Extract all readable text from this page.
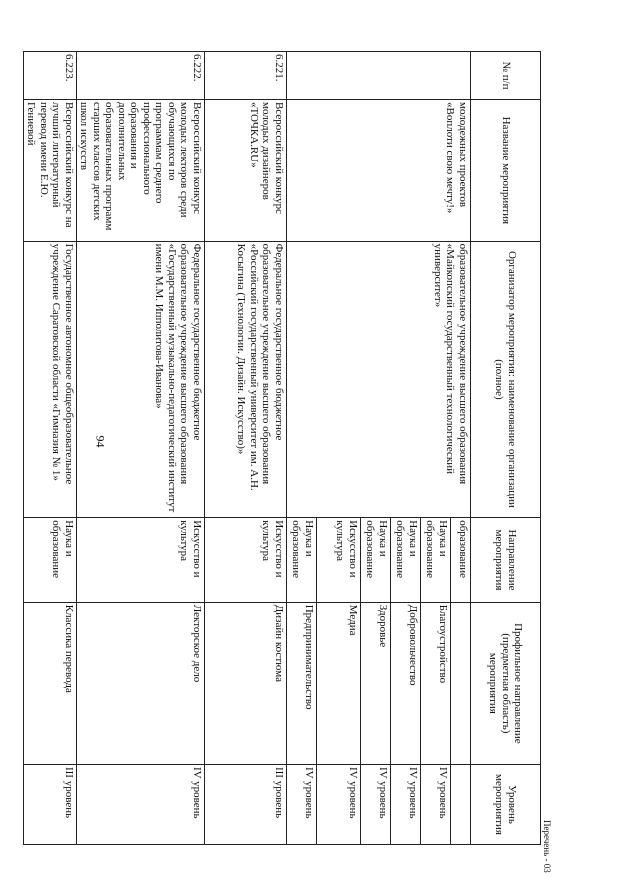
94
№ п/п	Название мероприятия	Организатор мероприятия: наименование организации (полное)	Направление мероприятия	Профильное направление (предметная область) мероприятия	Уровень мероприятия
	молодежных проектов «Воплоти свою мечту!»	образовательное учреждение высшего образования «Майкопский государственный технологический университет»	образование		
			Наука и образование	Благоустройство	IV уровень
			Наука и образование	Добровольчество	IV уровень
			Наука и образование	Здоровье	IV уровень
			Искусство и культура	Медиа	IV уровень
			Наука и образование	Предпринимательство	IV уровень
6.221.	Всероссийский конкурс молодых дизайнеров «ТОЧКА.RU»	Федеральное государственное бюджетное образовательное учреждение высшего образования «Российский государственный университет им. А.Н. Косыгина (Технологии. Дизайн. Искусство)»	Искусство и культура	Дизайн костюма	III уровень
6.222.	Всероссийский конкурс молодых лекторов среди обучающихся по программам среднего профессионального образования и дополнительных образовательных программ старших классов детских школ искусств	Федеральное государственное бюджетное образовательное учреждение высшего образования «Государственный музыкально-педагогический институт имени М.М. Ипполитова-Иванова»	Искусство и культура	Лекторское дело	IV уровень
6.223.	Всероссийский конкурс на лучший литературный перевод имени Е.Ю. Гениевой	Государственное автономное общеобразовательное учреждение Саратовской области «Гимназия № 1»	Наука и образование	Классика перевода	III уровень
Перечень - 03
